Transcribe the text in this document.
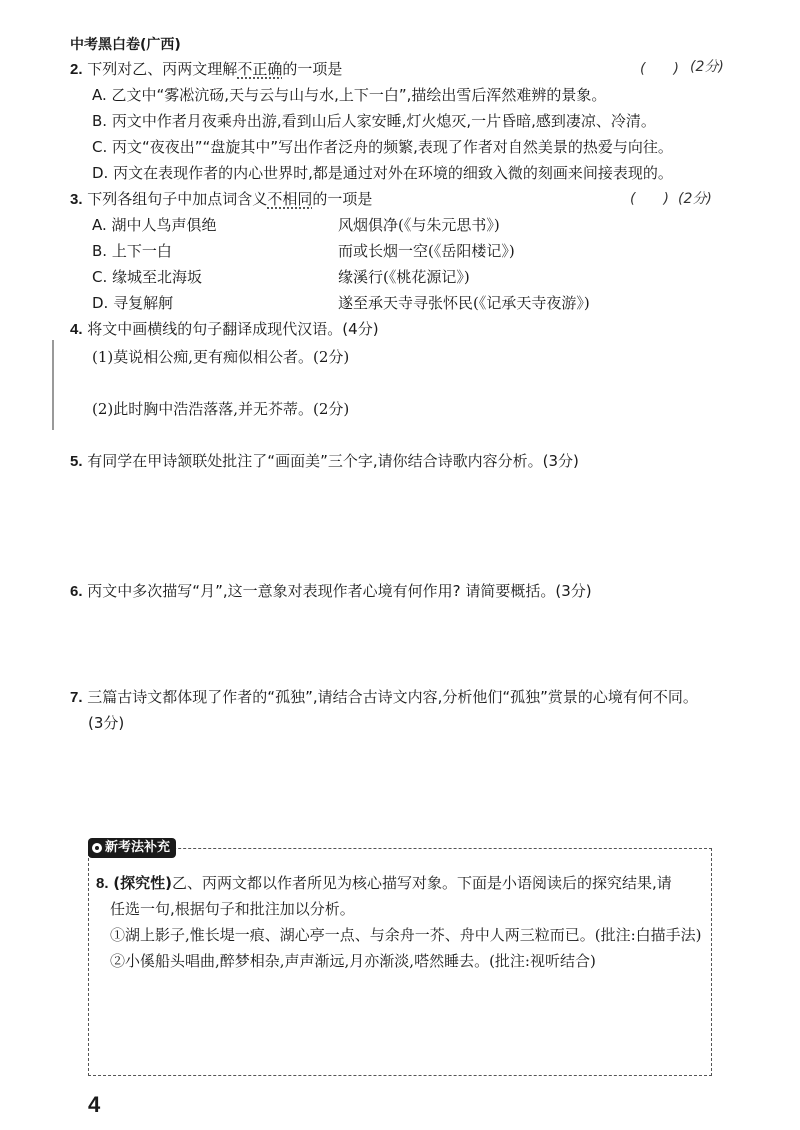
中考黑白卷(广西)
2. 下列对乙、丙两文理解不正确的一项是	(　　) (2分)
A. 乙文中“雾凇沆砀,天与云与山与水,上下一白”,描绘出雪后浑然难辨的景象。
B. 丙文中作者月夜乘舟出游,看到山后人家安睡,灯火熄灭,一片昏暗,感到凄凉、冷清。
C. 丙文“夜夜出”“盘旋其中”写出作者泛舟的频繁,表现了作者对自然美景的热爱与向往。
D. 丙文在表现作者的内心世界时,都是通过对外在环境的细致入微的刻画来间接表现的。
3. 下列各组句子中加点词含义不相同的一项是	(　　) (2分)
A. 湖中人鸟声俱绝	风烟俱净(《与朱元思书》)
B. 上下一白	而或长烟一空(《岳阳楼记》)
C. 缘城至北海坂	缘溪行(《桃花源记》)
D. 寻复解舸	遂至承天寺寻张怀民(《记承天寺夜游》)
4. 将文中画横线的句子翻译成现代汉语。(4分)
(1)莫说相公痴,更有痴似相公者。(2分)
(2)此时胸中浩浩落落,并无芥蒂。(2分)
5. 有同学在甲诗颔联处批注了“画面美”三个字,请你结合诗歌内容分析。(3分)
6. 丙文中多次描写“月”,这一意象对表现作者心境有何作用? 请简要概括。(3分)
7. 三篇古诗文都体现了作者的“孤独”,请结合古诗文内容,分析他们“孤独”赏景的心境有何不同。
(3分)
新考法补充
8. (探究性)乙、丙两文都以作者所见为核心描写对象。下面是小语阅读后的探究结果,请
任选一句,根据句子和批注加以分析。
①湖上影子,惟长堤一痕、湖心亭一点、与余舟一芥、舟中人两三粒而已。(批注:白描手法)
②小傒船头唱曲,醉梦相杂,声声渐远,月亦渐淡,嗒然睡去。(批注:视听结合)
4
